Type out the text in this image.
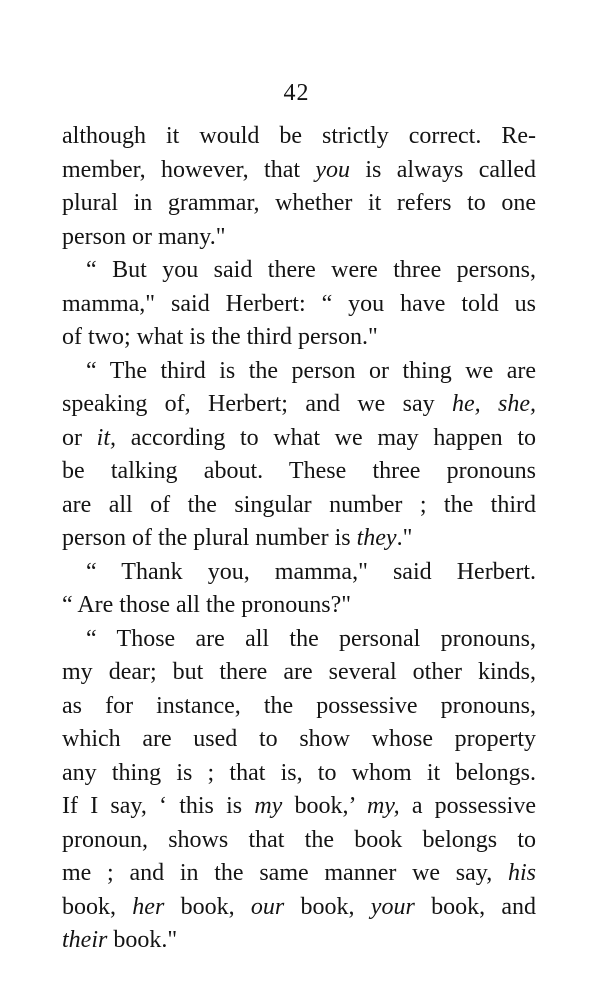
42
although it would be strictly correct. Re-
member, however, that you is always called
plural in grammar, whether it refers to one
person or many."
“ But you said there were three persons,
mamma," said Herbert: “ you have told us
of two; what is the third person."
“ The third is the person or thing we are
speaking of, Herbert; and we say he, she,
or it, according to what we may happen to
be talking about. These three pronouns
are all of the singular number ; the third
person of the plural number is they."
“ Thank you, mamma," said Herbert.
“ Are those all the pronouns?"
“ Those are all the personal pronouns,
my dear; but there are several other kinds,
as for instance, the possessive pronouns,
which are used to show whose property
any thing is ; that is, to whom it belongs.
If I say, ‘ this is my book,’ my, a possessive
pronoun, shows that the book belongs to
me ; and in the same manner we say, his
book, her book, our book, your book, and
their book."
